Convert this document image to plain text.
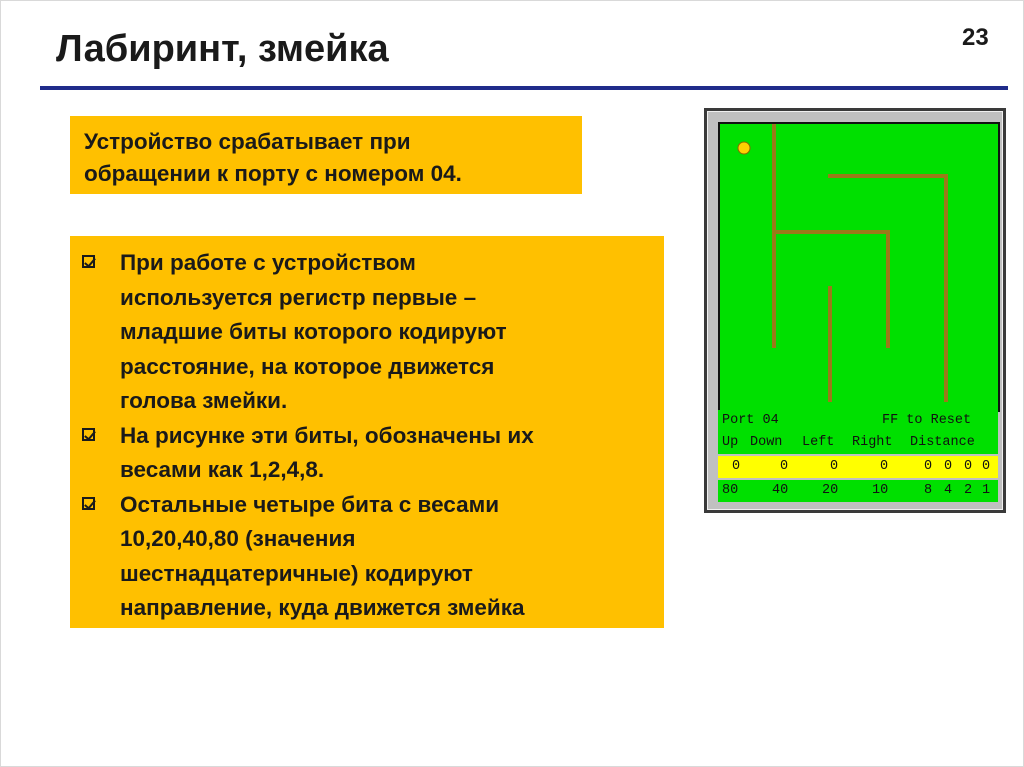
Лабиринт, змейка	23
Устройство срабатывает при
обращении к порту с номером 04.
При работе с устройством
используется регистр первые –
младшие биты которого кодируют
расстояние, на которое движется
голова змейки.
На рисунке эти биты, обозначены их
весами как 1,2,4,8.
Остальные четыре бита с весами
10,20,40,80 (значения
шестнадцатеричные) кодируют
направление, куда движется змейка
Port 04	FF to Reset
Up Down Left Right Distance
0	0	0	0	0 0 0 0
80	40	20	10	8 4 2 1
